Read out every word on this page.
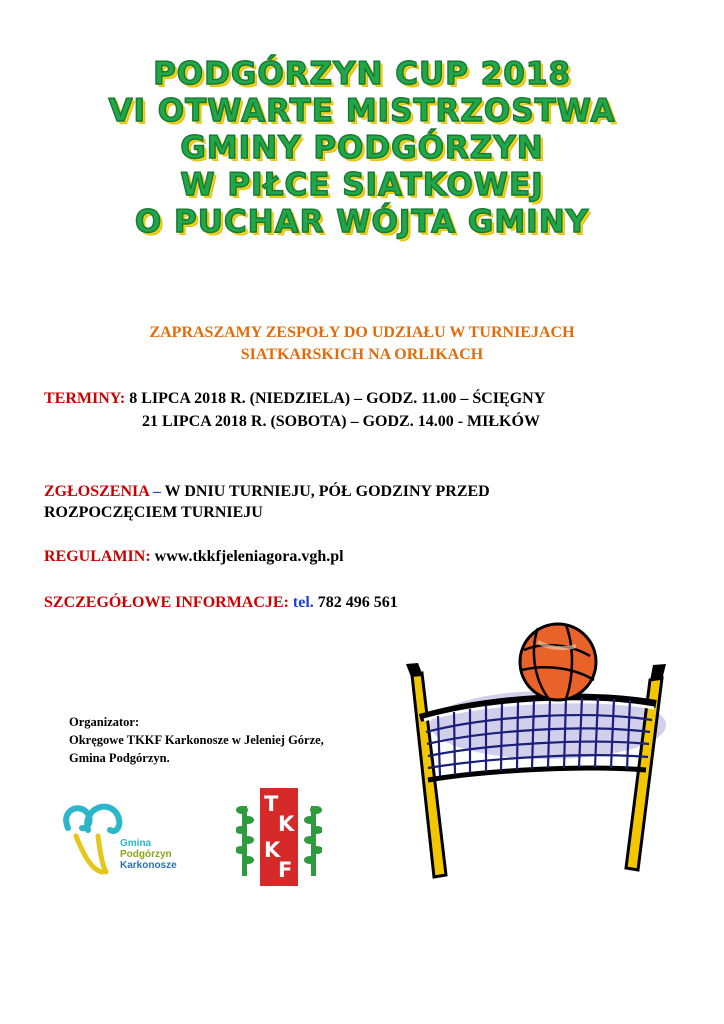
PODGÓRZYN CUP 2018
VI OTWARTE MISTRZOSTWA
GMINY PODGÓRZYN
W PIŁCE SIATKOWEJ
O PUCHAR WÓJTA GMINY
ZAPRASZAMY ZESPOŁY DO UDZIAŁU W TURNIEJACH
SIATKARSKICH NA ORLIKACH
TERMINY: 8 LIPCA 2018 R. (NIEDZIELA) – GODZ. 11.00 – ŚCIĘGNY
21 LIPCA 2018 R. (SOBOTA) – GODZ. 14.00 - MIŁKÓW
ZGŁOSZENIA – W DNIU TURNIEJU, PÓŁ GODZINY PRZED
ROZPOCZĘCIEM TURNIEJU
REGULAMIN: www.tkkfjeleniagora.vgh.pl
SZCZEGÓŁOWE INFORMACJE: tel. 782 496 561
Organizator:
Okręgowe TKKF Karkonosze w Jeleniej Górze,
Gmina Podgórzyn.
Gmina
Podgórzyn
Karkonosze
T
K
K
F
